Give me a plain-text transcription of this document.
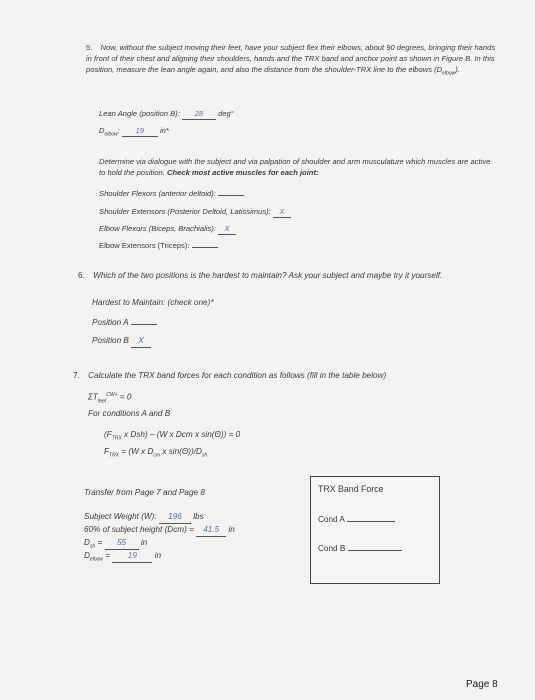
5. Now, without the subject moving their feet, have your subject flex their elbows, about 90 degrees, bringing their hands in front of their chest and aligning their shoulders, hands and the TRX band and anchor point as shown in Figure B. In this position, measure the lean angle again, and also the distance from the shoulder-TRX line to the elbows $(D_{elbow})$.
Lean Angle (position B): 28 deg°
$D_{elbow}$: 19 in*
Determine via dialogue with the subject and via palpation of shoulder and arm musculature which muscles are active to hold the position. Check most active muscles for each joint:
Shoulder Flexors (anterior deltoid):
Shoulder Extensors (Posterior Deltoid, Latissimus): X
Elbow Flexors (Biceps, Brachialis): X
Elbow Extensors (Triceps):
6. Which of the two positions is the hardest to maintain? Ask your subject and maybe try it yourself.
Hardest to Maintain: (check one)*
Position A
Position B X
7. Calculate the TRX band forces for each condition as follows (fill in the table below)
$\Sigma T_{feet}^{CW+} = 0$
For conditions A and B
($F_{TRX}$ x Dsh) – (W x Dcm x sin(Θ)) = 0
$F_{TRX} = (W$ x $D_{cm}$ x $\sin(\Theta))/D_{sh}$
Transfer from Page 7 and Page 8
Subject Weight (W): 196 lbs
60% of subject height (Dcm) = 41.5 in
$D_{sh} = 55$ in
$D_{elbow} = 19$ in
TRX Band Force
Cond A
Cond B
Page 8
